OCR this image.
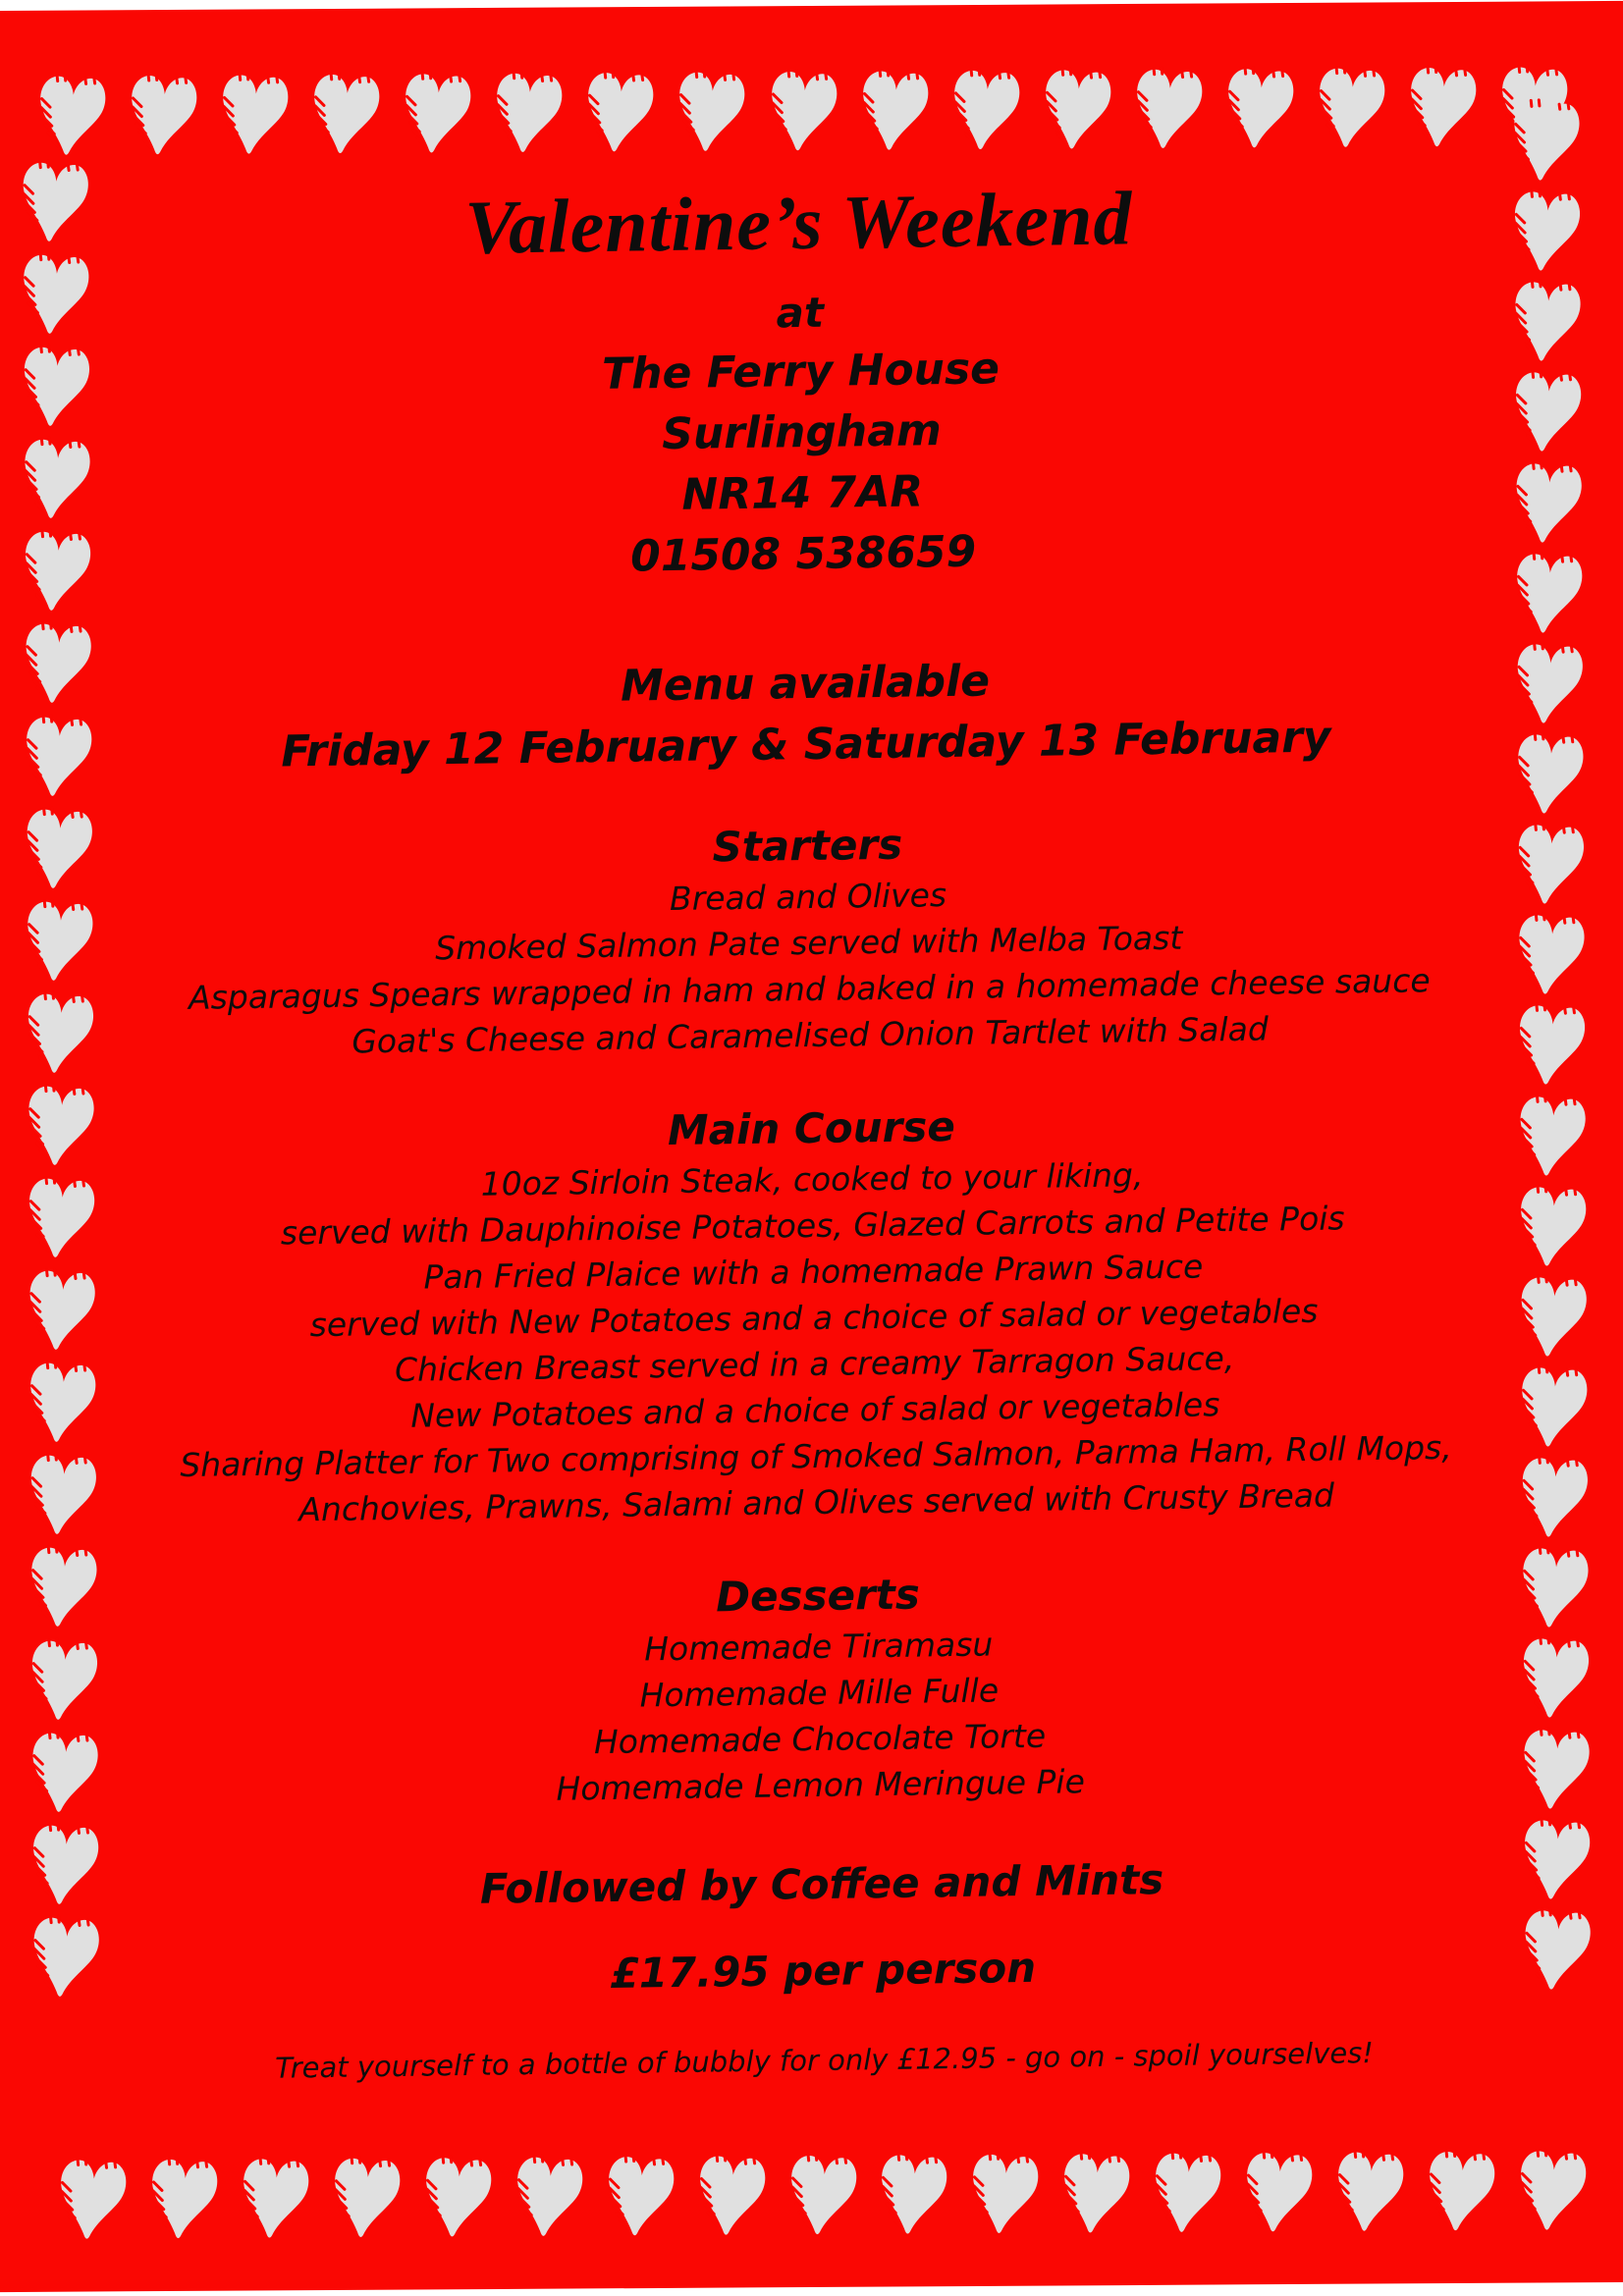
Valentine’s Weekend
at
The Ferry House
Surlingham
NR14 7AR
01508 538659
Menu available
Friday 12 February & Saturday 13 February
Starters
Bread and Olives
Smoked Salmon Pate served with Melba Toast
Asparagus Spears wrapped in ham and baked in a homemade cheese sauce
Goat's Cheese and Caramelised Onion Tartlet with Salad
Main Course
10oz Sirloin Steak, cooked to your liking,
served with Dauphinoise Potatoes, Glazed Carrots and Petite Pois
Pan Fried Plaice with a homemade Prawn Sauce
served with New Potatoes and a choice of salad or vegetables
Chicken Breast served in a creamy Tarragon Sauce,
New Potatoes and a choice of salad or vegetables
Sharing Platter for Two comprising of Smoked Salmon, Parma Ham, Roll Mops,
Anchovies, Prawns, Salami and Olives served with Crusty Bread
Desserts
Homemade Tiramasu
Homemade Mille Fulle
Homemade Chocolate Torte
Homemade Lemon Meringue Pie
Followed by Coffee and Mints
£17.95 per person
Treat yourself to a bottle of bubbly for only £12.95 - go on - spoil yourselves!
